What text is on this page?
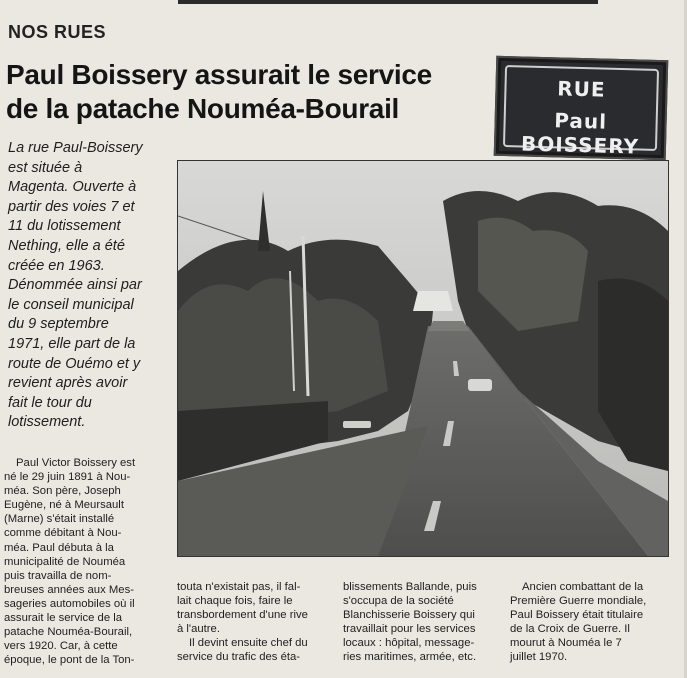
NOS RUES
Paul Boissery assurait le service
de la patache Nouméa-Bourail
RUE
Paul BOISSERY
La rue Paul-Boissery
est située à
Magenta. Ouverte à
partir des voies 7 et
11 du lotissement
Nething, elle a été
créée en 1963.
Dénommée ainsi par
le conseil municipal
du 9 septembre
1971, elle part de la
route de Ouémo et y
revient après avoir
fait le tour du
lotissement.
Paul Victor Boissery est
né le 29 juin 1891 à Nou-
méa. Son père, Joseph
Eugène, né à Meursault
(Marne) s'était installé
comme débitant à Nou-
méa. Paul débuta à la
municipalité de Nouméa
puis travailla de nom-
breuses années aux Mes-
sageries automobiles où il
assurait le service de la
patache Nouméa-Bourail,
vers 1920. Car, à cette
époque, le pont de la Ton-
touta n'existait pas, il fal-
lait chaque fois, faire le
transbordement d'une rive
à l'autre.
Il devint ensuite chef du
service du trafic des éta-
blissements Ballande, puis
s'occupa de la société
Blanchisserie Boissery qui
travaillait pour les services
locaux : hôpital, message-
ries maritimes, armée, etc.
Ancien combattant de la
Première Guerre mondiale,
Paul Boissery était titulaire
de la Croix de Guerre. Il
mourut à Nouméa le 7
juillet 1970.
